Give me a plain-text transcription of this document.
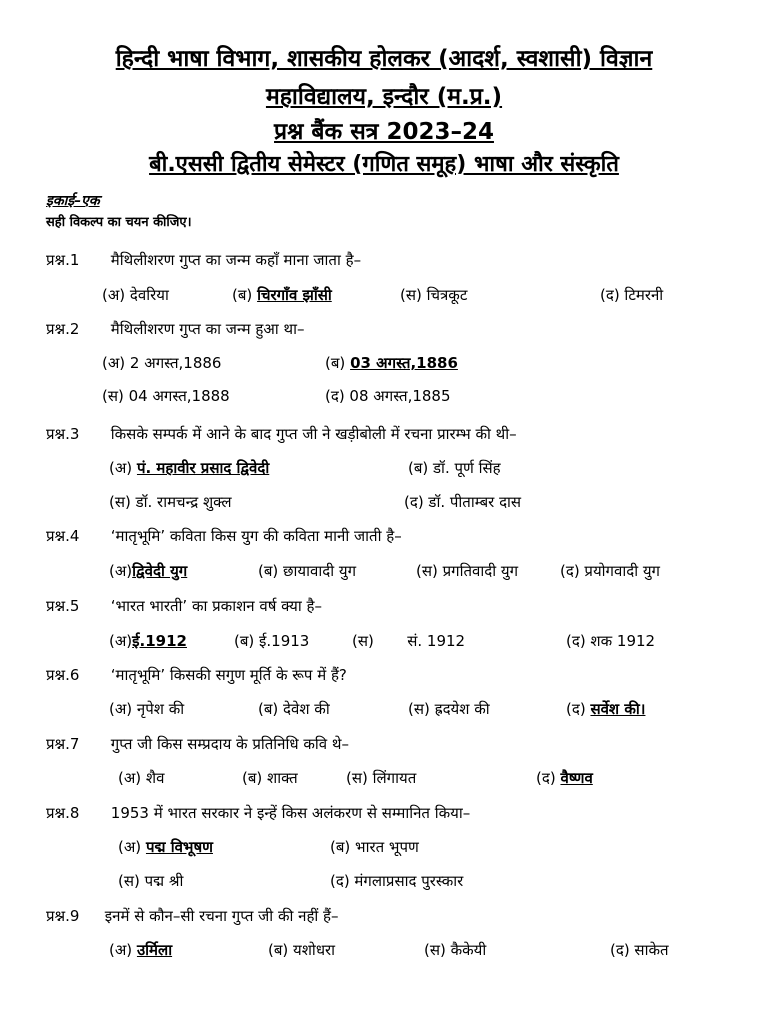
हिन्दी भाषा विभाग, शासकीय होलकर (आदर्श, स्वशासी) विज्ञान
महाविद्यालय, इन्दौर (म.प्र.)
प्रश्न बैंक सत्र 2023–24
बी.एससी द्वितीय सेमेस्टर (गणित समूह) भाषा और संस्कृति
इकाई–एक
सही विकल्प का चयन कीजिए।
प्रश्न.1 मैथिलीशरण गुप्त का जन्म कहाँ माना जाता है–
(अ) देवरिया	(ब) चिरगाँव झाँसी	(स) चित्रकूट	(द) टिमरनी
प्रश्न.2 मैथिलीशरण गुप्त का जन्म हुआ था–
(अ) 2 अगस्त,1886	(ब) 03 अगस्त,1886
(स) 04 अगस्त,1888	(द) 08 अगस्त,1885
प्रश्न.3 किसके सम्पर्क में आने के बाद गुप्त जी ने खड़ीबोली में रचना प्रारम्भ की थी–
(अ) पं. महावीर प्रसाद द्विवेदी	(ब) डॉ. पूर्ण सिंह
(स) डॉ. रामचन्द्र शुक्ल	(द) डॉ. पीताम्बर दास
प्रश्न.4 ‘मातृभूमि’ कविता किस युग की कविता मानी जाती है–
(अ)द्विवेदी युग	(ब) छायावादी युग	(स) प्रगतिवादी युग	(द) प्रयोगवादी युग
प्रश्न.5 ‘भारत भारती’ का प्रकाशन वर्ष क्या है–
(अ)ई.1912	(ब) ई.1913	(स)       सं. 1912	(द) शक 1912
प्रश्न.6 ‘मातृभूमि’ किसकी सगुण मूर्ति के रूप में हैं?
(अ) नृपेश की	(ब) देवेश की	(स) ह्रदयेश की	(द) सर्वेश की।
प्रश्न.7 गुप्त जी किस सम्प्रदाय के प्रतिनिधि कवि थे–
(अ) शैव	(ब) शाक्त	(स) लिंगायत	(द) वैष्णव
प्रश्न.8 1953 में भारत सरकार ने इन्हें किस अलंकरण से सम्मानित किया–
(अ) पद्म विभूषण	(ब) भारत भूपण
(स) पद्म श्री	(द) मंगलाप्रसाद पुरस्कार
प्रश्न.9 इनमें से कौन–सी रचना गुप्त जी की नहीं हैं–
(अ) उर्मिला	(ब) यशोधरा	(स) कैकेयी	(द) साकेत
